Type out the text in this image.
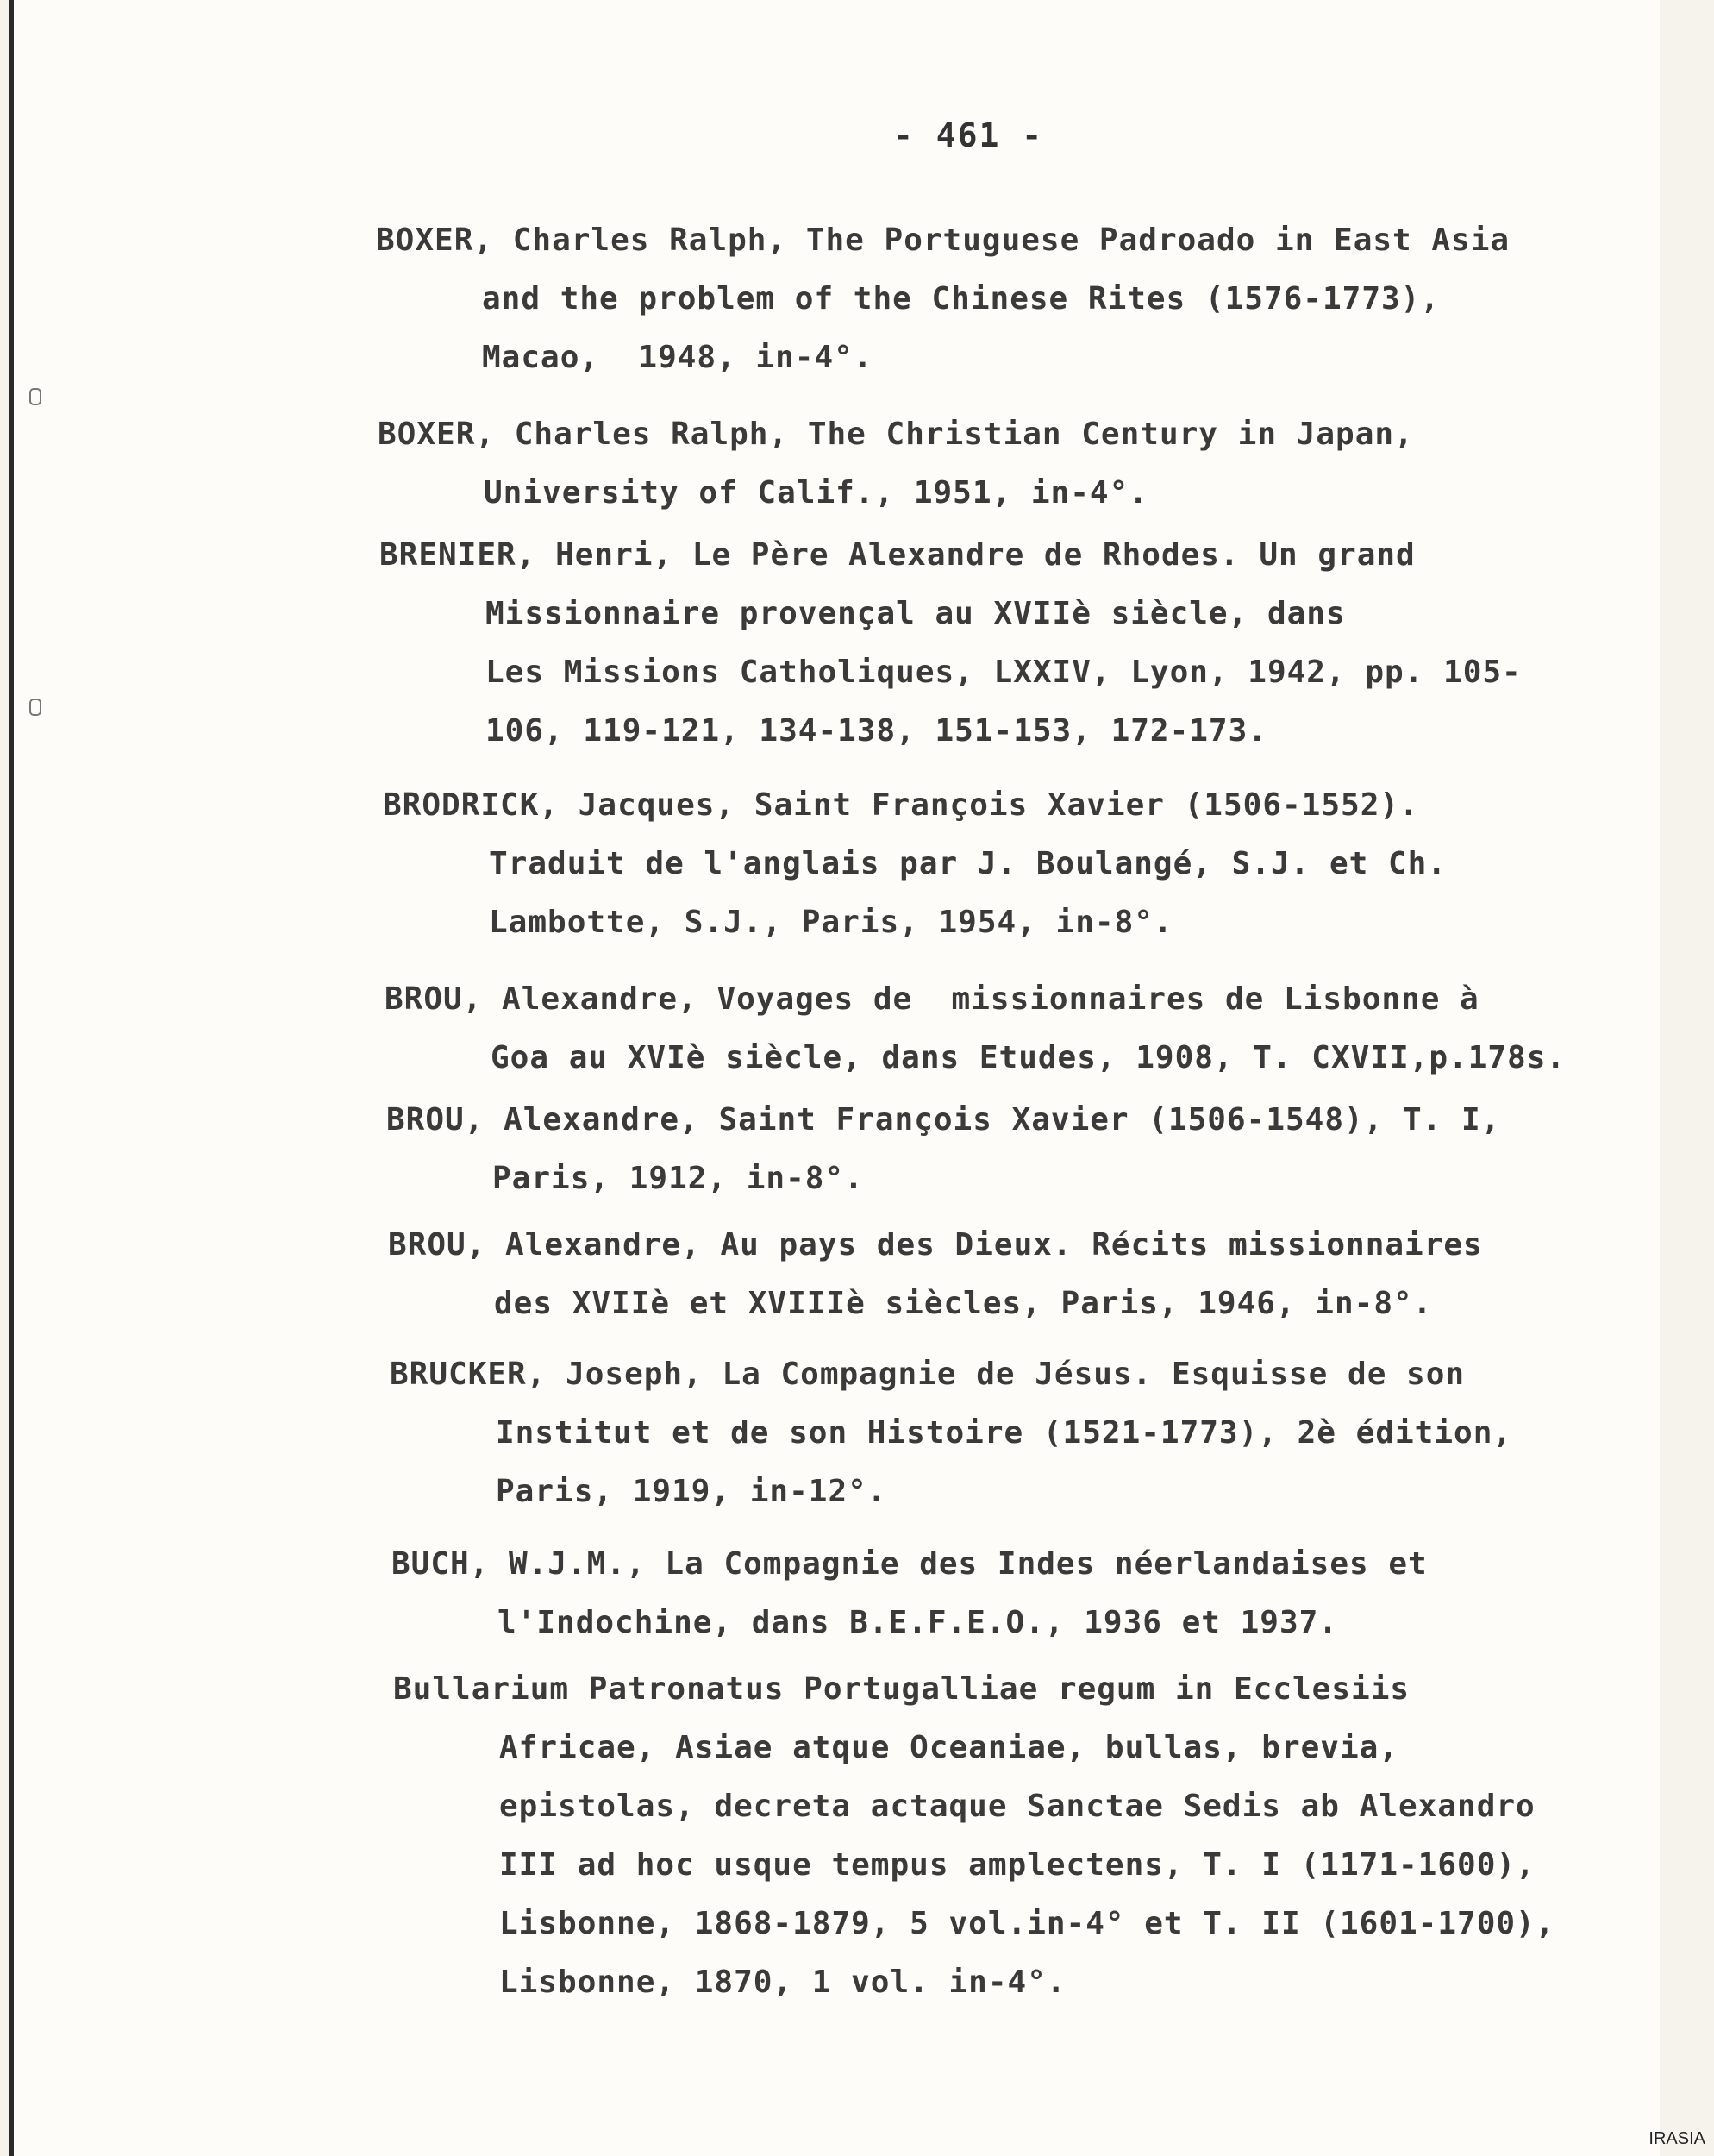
- 461 -
BOXER, Charles Ralph, The Portuguese Padroado in East Asia
and the problem of the Chinese Rites (1576-1773),
Macao,  1948, in-4°.
BOXER, Charles Ralph, The Christian Century in Japan,
University of Calif., 1951, in-4°.
BRENIER, Henri, Le Père Alexandre de Rhodes. Un grand
Missionnaire provençal au XVIIè siècle, dans
Les Missions Catholiques, LXXIV, Lyon, 1942, pp. 105-
106, 119-121, 134-138, 151-153, 172-173.
BRODRICK, Jacques, Saint François Xavier (1506-1552).
Traduit de l'anglais par J. Boulangé, S.J. et Ch.
Lambotte, S.J., Paris, 1954, in-8°.
BROU, Alexandre, Voyages de  missionnaires de Lisbonne à
Goa au XVIè siècle, dans Etudes, 1908, T. CXVII,p.178s.
BROU, Alexandre, Saint François Xavier (1506-1548), T. I,
Paris, 1912, in-8°.
BROU, Alexandre, Au pays des Dieux. Récits missionnaires
des XVIIè et XVIIIè siècles, Paris, 1946, in-8°.
BRUCKER, Joseph, La Compagnie de Jésus. Esquisse de son
Institut et de son Histoire (1521-1773), 2è édition,
Paris, 1919, in-12°.
BUCH, W.J.M., La Compagnie des Indes néerlandaises et
l'Indochine, dans B.E.F.E.O., 1936 et 1937.
Bullarium Patronatus Portugalliae regum in Ecclesiis
Africae, Asiae atque Oceaniae, bullas, brevia,
epistolas, decreta actaque Sanctae Sedis ab Alexandro
III ad hoc usque tempus amplectens, T. I (1171-1600),
Lisbonne, 1868-1879, 5 vol.in-4° et T. II (1601-1700),
Lisbonne, 1870, 1 vol. in-4°.
IRASIA
